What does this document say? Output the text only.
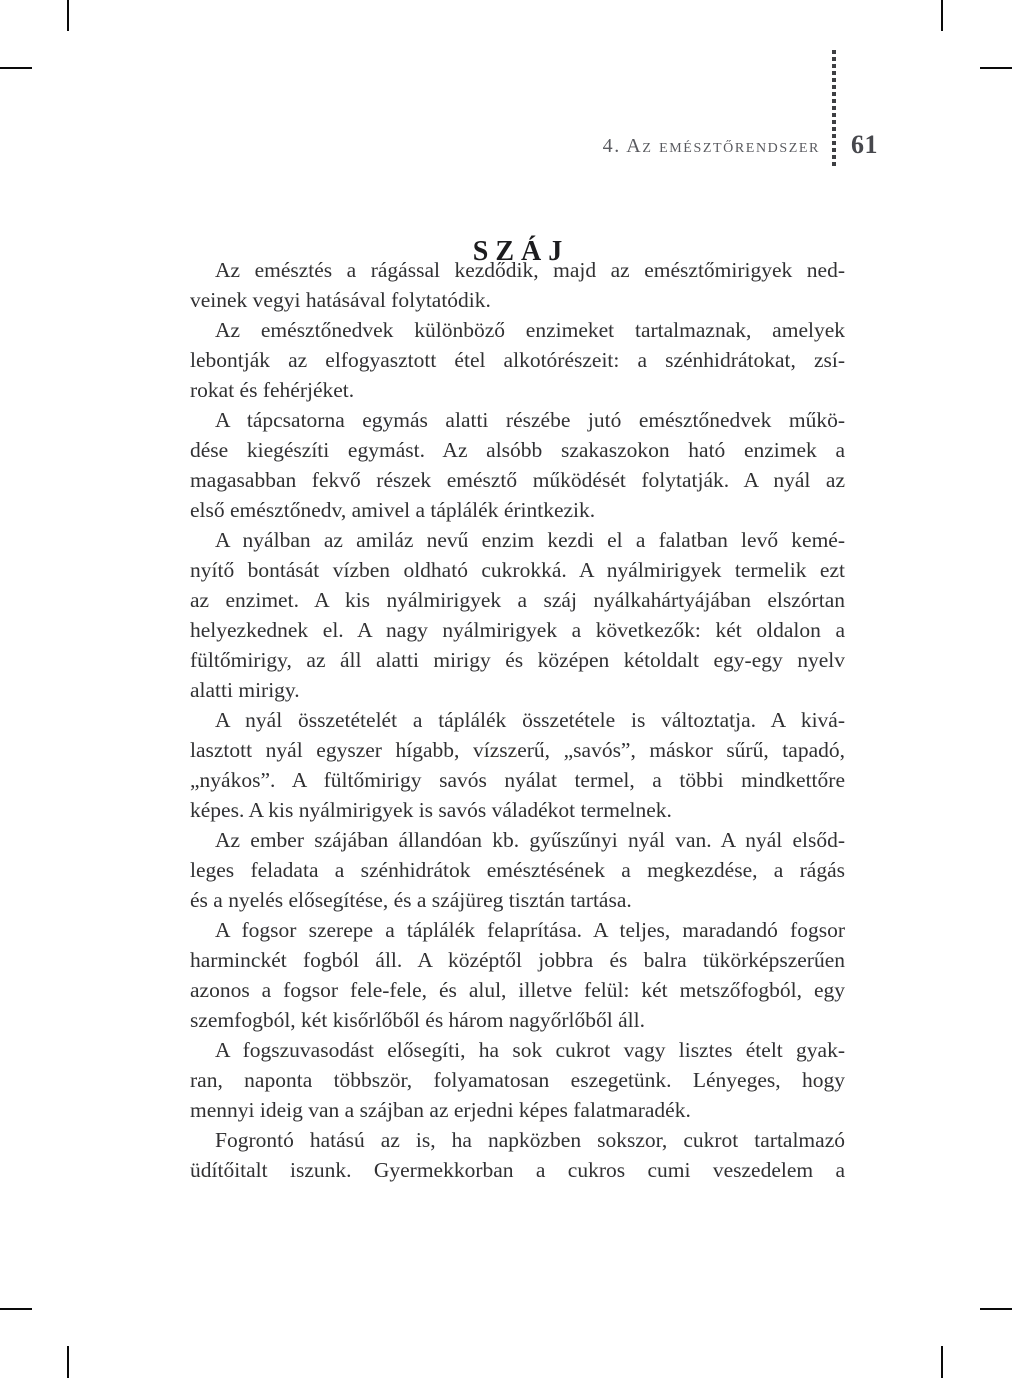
4. Az emésztőrendszer 61
SZÁJ
Az emésztés a rágással kezdődik, majd az emésztőmirigyek ned-
veinek vegyi hatásával folytatódik.
Az emésztőnedvek különböző enzimeket tartalmaznak, amelyek
lebontják az elfogyasztott étel alkotórészeit: a szénhidrátokat, zsí-
rokat és fehérjéket.
A tápcsatorna egymás alatti részébe jutó emésztőnedvek műkö-
dése kiegészíti egymást. Az alsóbb szakaszokon ható enzimek a
magasabban fekvő részek emésztő működését folytatják. A nyál az
első emésztőnedv, amivel a táplálék érintkezik.
A nyálban az amiláz nevű enzim kezdi el a falatban levő kemé-
nyítő bontását vízben oldható cukrokká. A nyálmirigyek termelik ezt
az enzimet. A kis nyálmirigyek a száj nyálkahártyájában elszórtan
helyezkednek el. A nagy nyálmirigyek a következők: két oldalon a
fültőmirigy, az áll alatti mirigy és középen kétoldalt egy-egy nyelv
alatti mirigy.
A nyál összetételét a táplálék összetétele is változtatja. A kivá-
lasztott nyál egyszer hígabb, vízszerű, „savós”, máskor sűrű, tapadó,
„nyákos”. A fültőmirigy savós nyálat termel, a többi mindkettőre
képes. A kis nyálmirigyek is savós váladékot termelnek.
Az ember szájában állandóan kb. gyűszűnyi nyál van. A nyál elsőd-
leges feladata a szénhidrátok emésztésének a megkezdése, a rágás
és a nyelés elősegítése, és a szájüreg tisztán tartása.
A fogsor szerepe a táplálék felaprítása. A teljes, maradandó fogsor
harminckét fogból áll. A középtől jobbra és balra tükörképszerűen
azonos a fogsor fele-fele, és alul, illetve felül: két metszőfogból, egy
szemfogból, két kisőrlőből és három nagyőrlőből áll.
A fogszuvasodást elősegíti, ha sok cukrot vagy lisztes ételt gyak-
ran, naponta többször, folyamatosan eszegetünk. Lényeges, hogy
mennyi ideig van a szájban az erjedni képes falatmaradék.
Fogrontó hatású az is, ha napközben sokszor, cukrot tartalmazó
üdítőitalt iszunk. Gyermekkorban a cukros cumi veszedelem a
